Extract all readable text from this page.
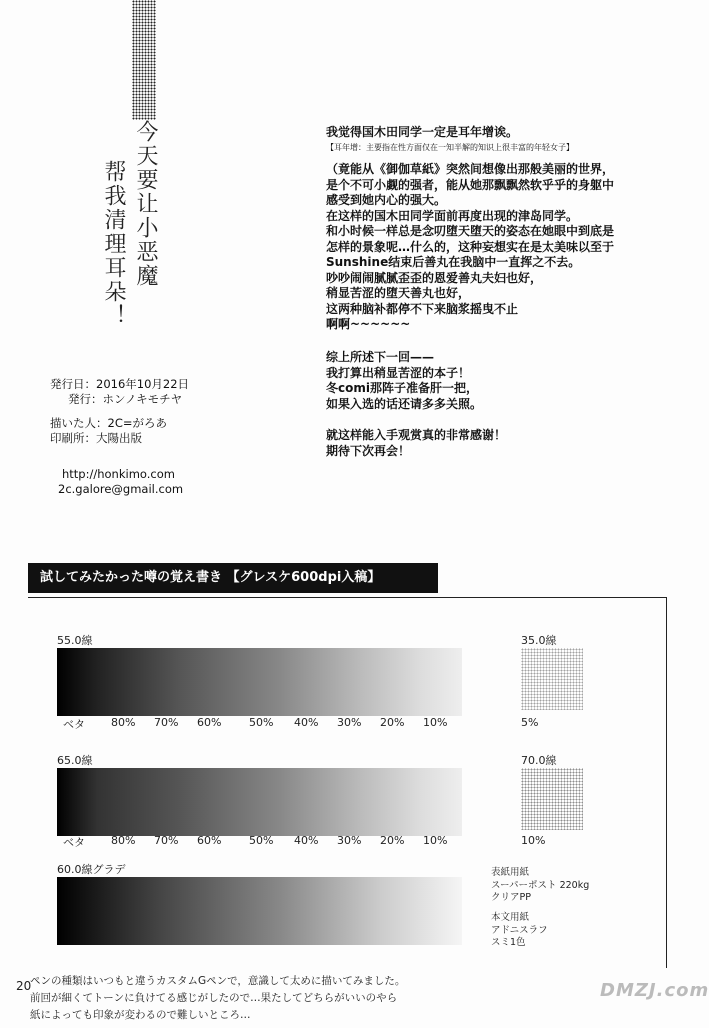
今天要让小恶魔
帮我清理耳朵！
発行日：2016年10月22日
発行：ホンノキモチヤ
描いた人：2C=がろあ
印刷所：大陽出版
http://honkimo.com
2c.galore@gmail.com
我觉得国木田同学一定是耳年增诶。
【耳年增：主要指在性方面仅在一知半解的知识上很丰富的年轻女子】
（竟能从《御伽草紙》突然间想像出那般美丽的世界，
是个不可小觑的强者，能从她那飘飘然软乎乎的身躯中
感受到她内心的强大。
在这样的国木田同学面前再度出现的津岛同学。
和小时候一样总是念叨堕天堕天的姿态在她眼中到底是
怎样的景象呢…什么的，这种妄想实在是太美味以至于
Sunshine结束后善丸在我脑中一直挥之不去。
吵吵闹闹腻腻歪歪的恩爱善丸夫妇也好，
稍显苦涩的堕天善丸也好，
这两种脑补都停不下来脑浆摇曳不止
啊啊~~~~~~
综上所述下一回——
我打算出稍显苦涩的本子！
冬comi那阵子准备肝一把，
如果入选的话还请多多关照。
就这样能入手观赏真的非常感谢！
期待下次再会！
試してみたかった噂の覚え書き 【グレスケ600dpi入稿】
55.0線
ベタ 80% 70% 60%	50% 40% 30% 20% 10%
35.0線
5%
65.0線
ベタ 80% 70% 60%	50% 40% 30% 20% 10%
70.0線
10%
60.0線グラデ	表紙用紙
スーパーポスト 220kg
クリアPP
本文用紙
アドニスラフ
スミ1色
20
ペンの種類はいつもと違うカスタムGペンで，意識して太めに描いてみました。
前回が細くてトーンに負けてる感じがしたので…果たしてどちらがいいのやら
紙によっても印象が変わるので難しいところ…
DMZJ.com
